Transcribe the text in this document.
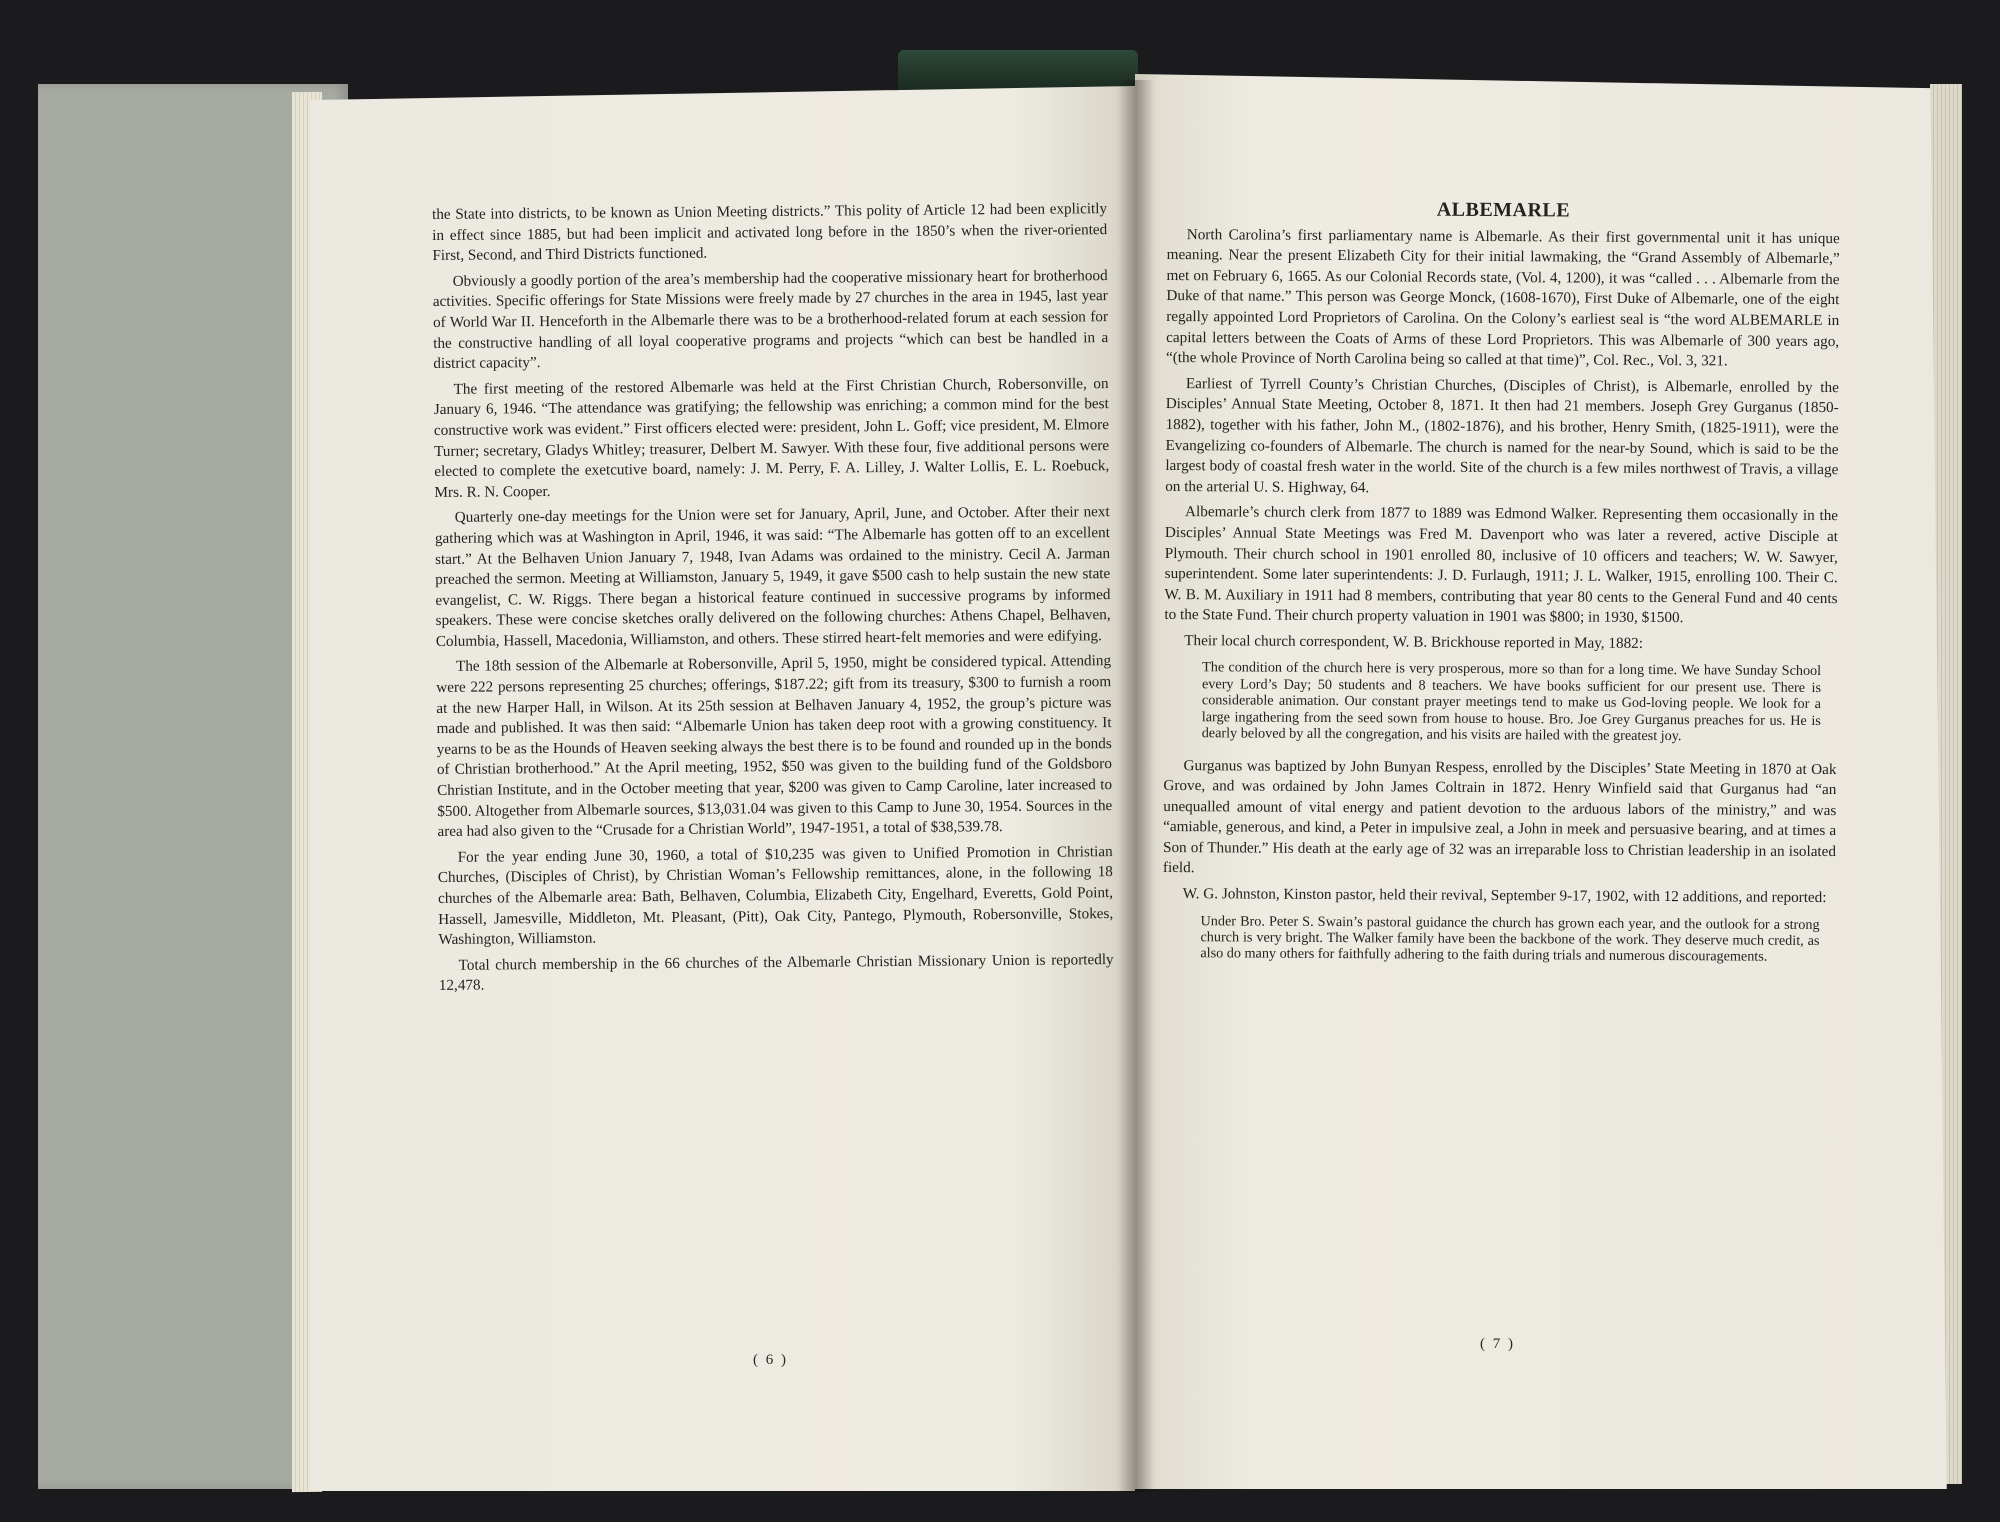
the State into districts, to be known as Union Meeting districts.” This polity of Article 12 had been explicitly in effect since 1885, but had been implicit and activated long before in the 1850’s when the river-oriented First, Second, and Third Districts functioned.

Obviously a goodly portion of the area’s membership had the cooperative missionary heart for brotherhood activities. Specific offerings for State Missions were freely made by 27 churches in the area in 1945, last year of World War II. Henceforth in the Albemarle there was to be a brotherhood-related forum at each session for the constructive handling of all loyal cooperative programs and projects “which can best be handled in a district capacity”.

The first meeting of the restored Albemarle was held at the First Christian Church, Robersonville, on January 6, 1946. “The attendance was gratifying; the fellowship was enriching; a common mind for the best constructive work was evident.” First officers elected were: president, John L. Goff; vice president, M. Elmore Turner; secretary, Gladys Whitley; treasurer, Delbert M. Sawyer. With these four, five additional persons were elected to complete the exetcutive board, namely: J. M. Perry, F. A. Lilley, J. Walter Lollis, E. L. Roebuck, Mrs. R. N. Cooper.

Quarterly one-day meetings for the Union were set for January, April, June, and October. After their next gathering which was at Washington in April, 1946, it was said: “The Albemarle has gotten off to an excellent start.” At the Belhaven Union January 7, 1948, Ivan Adams was ordained to the ministry. Cecil A. Jarman preached the sermon. Meeting at Williamston, January 5, 1949, it gave $500 cash to help sustain the new state evangelist, C. W. Riggs. There began a historical feature continued in successive programs by informed speakers. These were concise sketches orally delivered on the following churches: Athens Chapel, Belhaven, Columbia, Hassell, Macedonia, Williamston, and others. These stirred heart-felt memories and were edifying.

The 18th session of the Albemarle at Robersonville, April 5, 1950, might be considered typical. Attending were 222 persons representing 25 churches; offerings, $187.22; gift from its treasury, $300 to furnish a room at the new Harper Hall, in Wilson. At its 25th session at Belhaven January 4, 1952, the group’s picture was made and published. It was then said: “Albemarle Union has taken deep root with a growing constituency. It yearns to be as the Hounds of Heaven seeking always the best there is to be found and rounded up in the bonds of Christian brotherhood.” At the April meeting, 1952, $50 was given to the building fund of the Goldsboro Christian Institute, and in the October meeting that year, $200 was given to Camp Caroline, later increased to $500. Altogether from Albemarle sources, $13,031.04 was given to this Camp to June 30, 1954. Sources in the area had also given to the “Crusade for a Christian World”, 1947-1951, a total of $38,539.78.

For the year ending June 30, 1960, a total of $10,235 was given to Unified Promotion in Christian Churches, (Disciples of Christ), by Christian Woman’s Fellowship remittances, alone, in the following 18 churches of the Albemarle area: Bath, Belhaven, Columbia, Elizabeth City, Engelhard, Everetts, Gold Point, Hassell, Jamesville, Middleton, Mt. Pleasant, (Pitt), Oak City, Pantego, Plymouth, Robersonville, Stokes, Washington, Williamston.

Total church membership in the 66 churches of the Albemarle Christian Missionary Union is reportedly 12,478.

( 6 )
ALBEMARLE

North Carolina’s first parliamentary name is Albemarle. As their first governmental unit it has unique meaning. Near the present Elizabeth City for their initial lawmaking, the “Grand Assembly of Albemarle,” met on February 6, 1665. As our Colonial Records state, (Vol. 4, 1200), it was “called . . . Albemarle from the Duke of that name.” This person was George Monck, (1608-1670), First Duke of Albemarle, one of the eight regally appointed Lord Proprietors of Carolina. On the Colony’s earliest seal is “the word ALBEMARLE in capital letters between the Coats of Arms of these Lord Proprietors. This was Albemarle of 300 years ago, “(the whole Province of North Carolina being so called at that time)”, Col. Rec., Vol. 3, 321.

Earliest of Tyrrell County’s Christian Churches, (Disciples of Christ), is Albemarle, enrolled by the Disciples’ Annual State Meeting, October 8, 1871. It then had 21 members. Joseph Grey Gurganus (1850-1882), together with his father, John M., (1802-1876), and his brother, Henry Smith, (1825-1911), were the Evangelizing co-founders of Albemarle. The church is named for the near-by Sound, which is said to be the largest body of coastal fresh water in the world. Site of the church is a few miles northwest of Travis, a village on the arterial U. S. Highway, 64.

Albemarle’s church clerk from 1877 to 1889 was Edmond Walker. Representing them occasionally in the Disciples’ Annual State Meetings was Fred M. Davenport who was later a revered, active Disciple at Plymouth. Their church school in 1901 enrolled 80, inclusive of 10 officers and teachers; W. W. Sawyer, superintendent. Some later superintendents: J. D. Furlaugh, 1911; J. L. Walker, 1915, enrolling 100. Their C. W. B. M. Auxiliary in 1911 had 8 members, contributing that year 80 cents to the General Fund and 40 cents to the State Fund. Their church property valuation in 1901 was $800; in 1930, $1500.

Their local church correspondent, W. B. Brickhouse reported in May, 1882:

The condition of the church here is very prosperous, more so than for a long time. We have Sunday School every Lord’s Day; 50 students and 8 teachers. We have books sufficient for our present use. There is considerable animation. Our constant prayer meetings tend to make us God-loving people. We look for a large ingathering from the seed sown from house to house. Bro. Joe Grey Gurganus preaches for us. He is dearly beloved by all the congregation, and his visits are hailed with the greatest joy.

Gurganus was baptized by John Bunyan Respess, enrolled by the Disciples’ State Meeting in 1870 at Oak Grove, and was ordained by John James Coltrain in 1872. Henry Winfield said that Gurganus had “an unequalled amount of vital energy and patient devotion to the arduous labors of the ministry,” and was “amiable, generous, and kind, a Peter in impulsive zeal, a John in meek and persuasive bearing, and at times a Son of Thunder.” His death at the early age of 32 was an irreparable loss to Christian leadership in an isolated field.

W. G. Johnston, Kinston pastor, held their revival, September 9-17, 1902, with 12 additions, and reported:

Under Bro. Peter S. Swain’s pastoral guidance the church has grown each year, and the outlook for a strong church is very bright. The Walker family have been the backbone of the work. They deserve much credit, as also do many others for faithfully adhering to the faith during trials and numerous discouragements.
( 7 )
